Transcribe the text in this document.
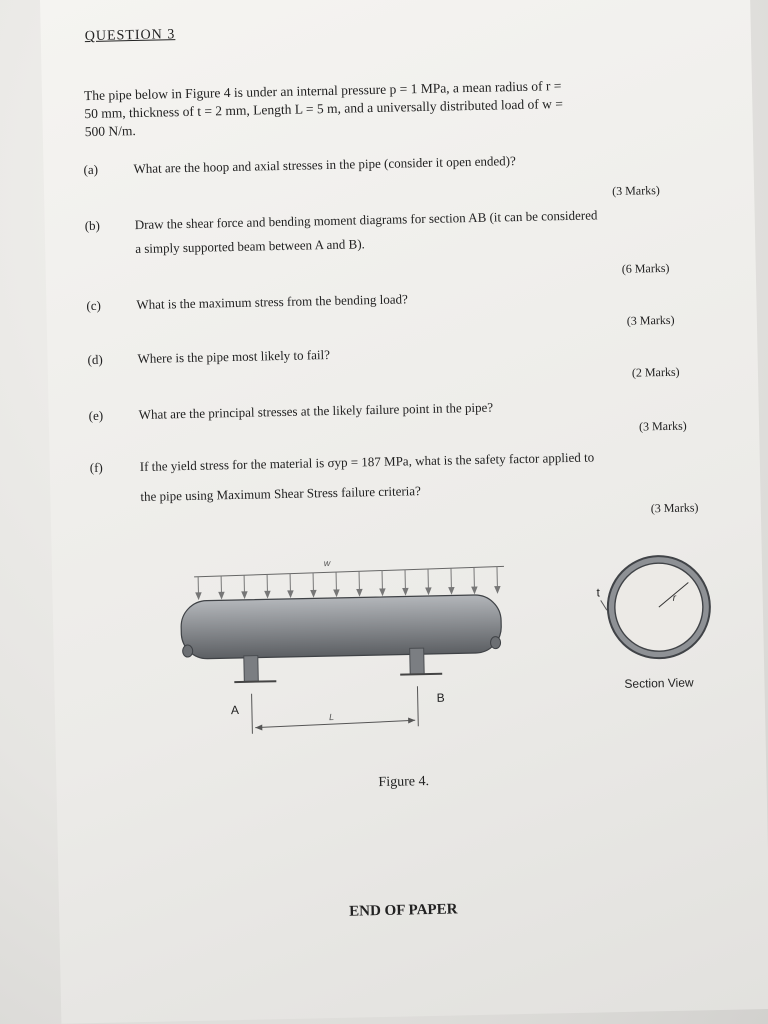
QUESTION 3
The pipe below in Figure 4 is under an internal pressure p = 1 MPa, a mean radius of r =
50 mm, thickness of t = 2 mm, Length L = 5 m, and a universally distributed load of w =
500 N/m.
(a)	What are the hoop and axial stresses in the pipe (consider it open ended)?
(3 Marks)
(b)	Draw the shear force and bending moment diagrams for section AB (it can be considered
a simply supported beam between A and B).
(6 Marks)
(c)	What is the maximum stress from the bending load?
(3 Marks)
(d)	Where is the pipe most likely to fail?
(2 Marks)
(e)	What are the principal stresses at the likely failure point in the pipe?
(3 Marks)
(f)	If the yield stress for the material is σyp = 187 MPa, what is the safety factor applied to
the pipe using Maximum Shear Stress failure criteria?
(3 Marks)
w
A
B
L
r
t
Section View
Figure 4.
END OF PAPER
